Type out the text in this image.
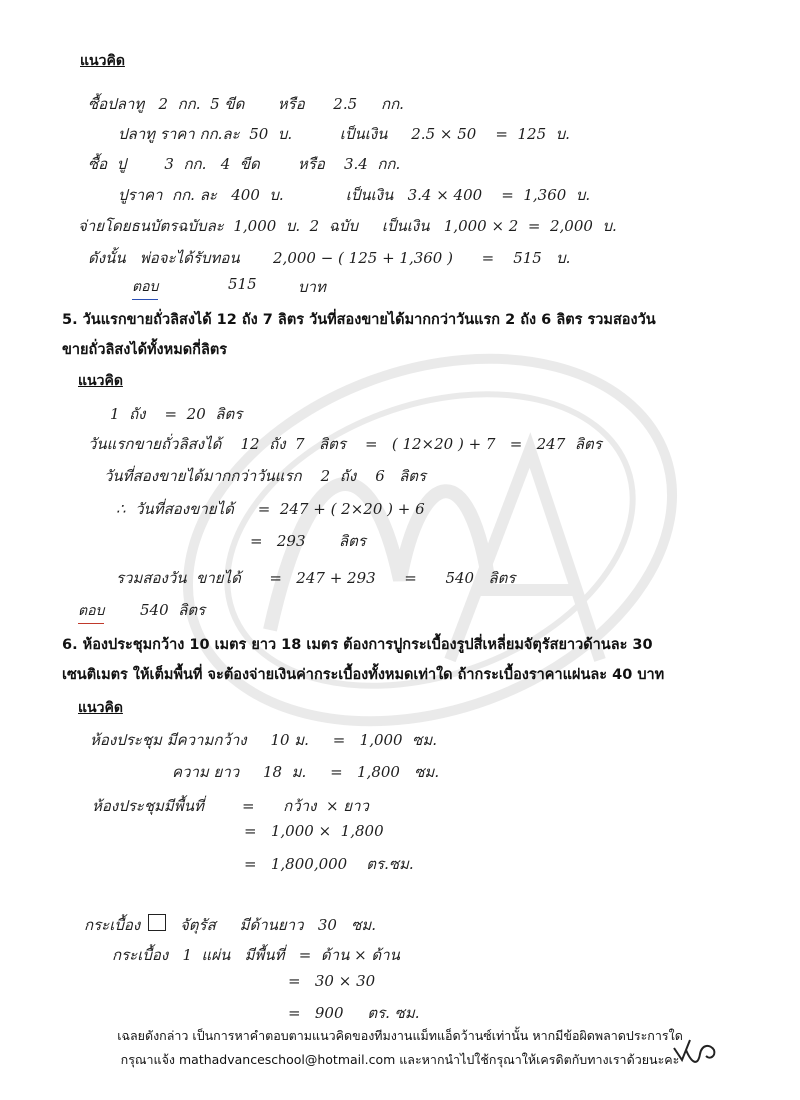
แนวคิด
ซื้อปลาทู   2  กก.  5 ขีด       หรือ      2.5     กก.
ปลาทู ราคา กก.ละ  50  บ.          เป็นเงิน     2.5 × 50    =  125  บ.
ซื้อ  ปู        3  กก.   4  ขีด        หรือ    3.4  กก.
ปูราคา  กก. ละ   400  บ.             เป็นเงิน   3.4 × 400    =  1,360  บ.
จ่ายโดยธนบัตรฉบับละ  1,000  บ.  2  ฉบับ     เป็นเงิน   1,000 × 2  =  2,000  บ.
ดังนั้น   พ่อจะได้รับทอน       2,000 − ( 125 + 1,360 )      =    515   บ.
ตอบ	515	บาท
5. วันแรกขายถั่วลิสงได้ 12 ถัง 7 ลิตร วันที่สองขายได้มากกว่าวันแรก 2 ถัง 6 ลิตร รวมสองวันขายถั่วลิสงได้ทั้งหมดกี่ลิตร
แนวคิด
1  ถัง    =  20  ลิตร
วันแรกขายถั่วลิสงได้    12  ถัง  7   ลิตร    =   ( 12×20 ) + 7   =   247  ลิตร
วันที่สองขายได้มากกว่าวันแรก    2  ถัง    6   ลิตร
∴  วันที่สองขายได้     =  247 + ( 2×20 ) + 6
=   293       ลิตร
รวมสองวัน  ขายได้      =   247 + 293      =      540   ลิตร
ตอบ 540  ลิตร
6. ห้องประชุมกว้าง 10 เมตร ยาว 18 เมตร ต้องการปูกระเบื้องรูปสี่เหลี่ยมจัตุรัสยาวด้านละ 30 เซนติเมตร ให้เต็มพื้นที่ จะต้องจ่ายเงินค่ากระเบื้องทั้งหมดเท่าใด ถ้ากระเบื้องราคาแผ่นละ 40 บาท
แนวคิด
ห้องประชุม มีความกว้าง     10 ม.     =   1,000  ซม.
ความ ยาว     18  ม.     =   1,800   ซม.
ห้องประชุมมีพื้นที่        =      กว้าง  × ยาว
=   1,000 ×  1,800
=   1,800,000    ตร.ซม.
กระเบื้อง	จัตุรัส     มีด้านยาว   30   ซม.
กระเบื้อง   1  แผ่น   มีพื้นที่   =  ด้าน × ด้าน
=   30 × 30
=   900     ตร. ซม.
เฉลยดังกล่าว เป็นการหาคำตอบตามแนวคิดของทีมงานแม็ทแอ็ดว้านซ์เท่านั้น หากมีข้อผิดพลาดประการใด
กรุณาแจ้ง mathadvanceschool@hotmail.com และหากนำไปใช้กรุณาให้เครดิตกับทางเราด้วยนะคะ
